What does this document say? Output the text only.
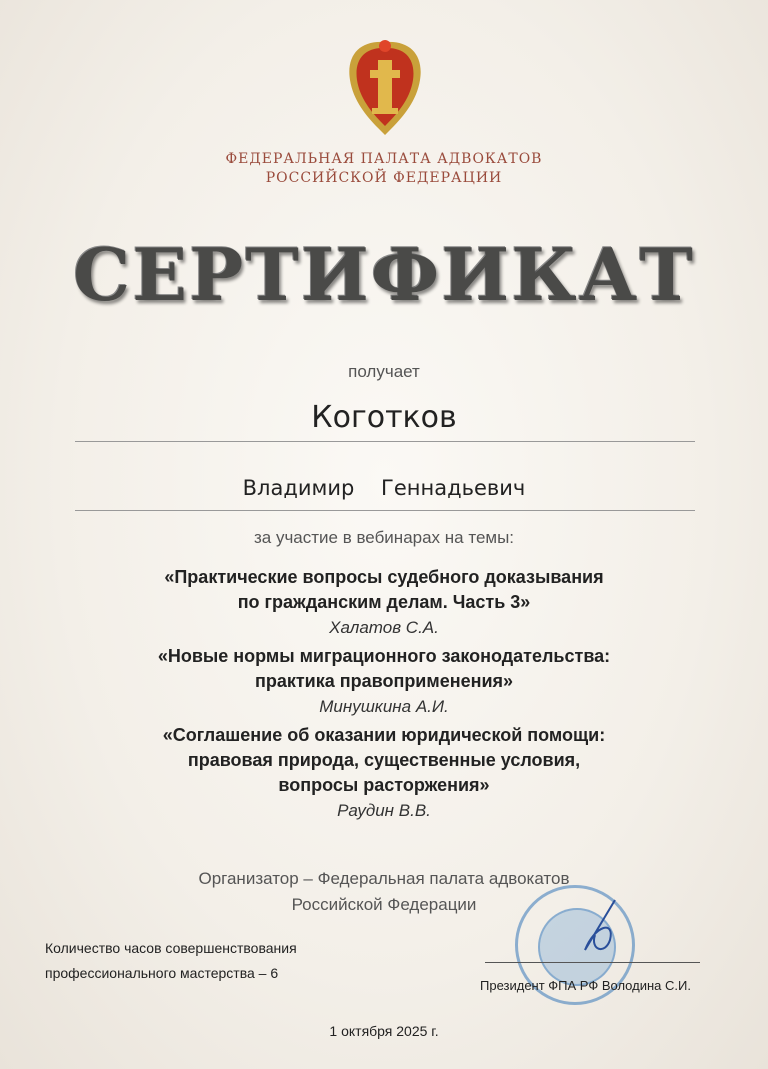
ФЕДЕРАЛЬНАЯ ПАЛАТА АДВОКАТОВ
РОССИЙСКОЙ ФЕДЕРАЦИИ
СЕРТИФИКАТ
получает
Коготков
Владимир    Геннадьевич
за участие в вебинарах на темы:
«Практические вопросы судебного доказывания
по гражданским делам. Часть 3»
Халатов С.А.
«Новые нормы миграционного законодательства:
практика правоприменения»
Минушкина А.И.
«Соглашение об оказании юридической помощи:
правовая природа, существенные условия,
вопросы расторжения»
Раудин В.В.
Организатор – Федеральная палата адвокатов
Российской Федерации
Количество часов совершенствования
профессионального мастерства – 6
Президент ФПА РФ Володина С.И.
1 октября 2025 г.
